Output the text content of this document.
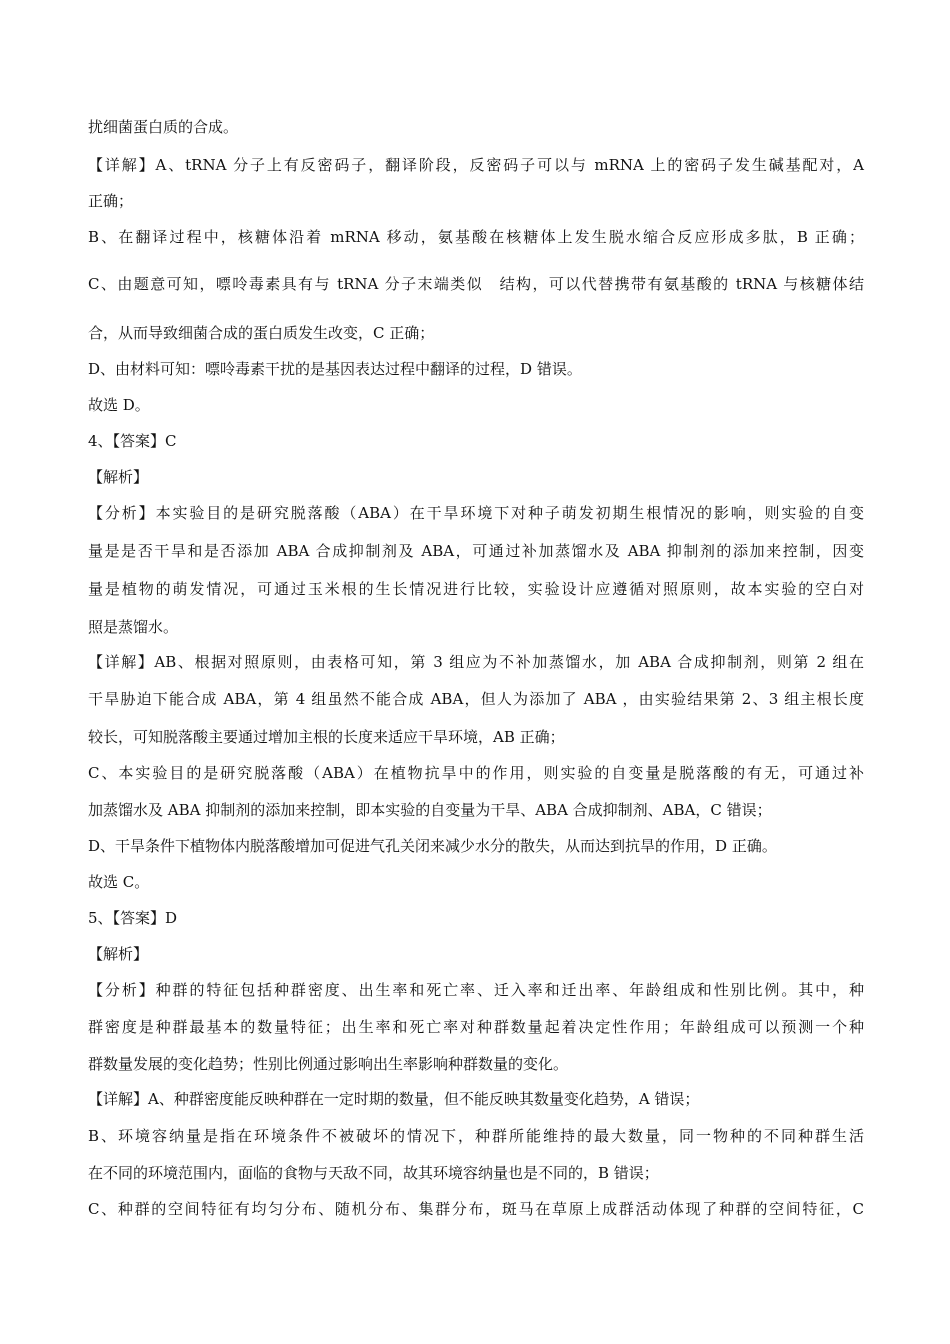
扰细菌蛋白质的合成。
【详解】A、tRNA 分子上有反密码子，翻译阶段，反密码子可以与 mRNA 上的密码子发生碱基配对，A
正确；
B、在翻译过程中，核糖体沿着 mRNA 移动，氨基酸在核糖体上发生脱水缩合反应形成多肽，B 正确；
C、由题意可知，嘌呤毒素具有与 tRNA 分子末端类似　结构，可以代替携带有氨基酸的 tRNA 与核糖体结
合，从而导致细菌合成的蛋白质发生改变，C 正确；
D、由材料可知：嘌呤毒素干扰的是基因表达过程中翻译的过程，D 错误。
故选 D。
4、【答案】C
【解析】
【分析】本实验目的是研究脱落酸（ABA）在干旱环境下对种子萌发初期生根情况的影响，则实验的自变
量是是否干旱和是否添加 ABA 合成抑制剂及 ABA，可通过补加蒸馏水及 ABA 抑制剂的添加来控制，因变
量是植物的萌发情况，可通过玉米根的生长情况进行比较，实验设计应遵循对照原则，故本实验的空白对
照是蒸馏水。
【详解】AB、根据对照原则，由表格可知，第 3 组应为不补加蒸馏水，加 ABA 合成抑制剂，则第 2 组在
干旱胁迫下能合成 ABA，第 4 组虽然不能合成 ABA，但人为添加了 ABA ，由实验结果第 2、3 组主根长度
较长，可知脱落酸主要通过增加主根的长度来适应干旱环境，AB 正确；
C、本实验目的是研究脱落酸（ABA）在植物抗旱中的作用，则实验的自变量是脱落酸的有无，可通过补
加蒸馏水及 ABA 抑制剂的添加来控制，即本实验的自变量为干旱、ABA 合成抑制剂、ABA，C 错误；
D、干旱条件下植物体内脱落酸增加可促进气孔关闭来减少水分的散失，从而达到抗旱的作用，D 正确。
故选 C。
5、【答案】D
【解析】
【分析】种群的特征包括种群密度、出生率和死亡率、迁入率和迁出率、年龄组成和性别比例。其中，种
群密度是种群最基本的数量特征；出生率和死亡率对种群数量起着决定性作用；年龄组成可以预测一个种
群数量发展的变化趋势；性别比例通过影响出生率影响种群数量的变化。
【详解】A、种群密度能反映种群在一定时期的数量，但不能反映其数量变化趋势，A 错误；
B、环境容纳量是指在环境条件不被破坏的情况下，种群所能维持的最大数量，同一物种的不同种群生活
在不同的环境范围内，面临的食物与天敌不同，故其环境容纳量也是不同的，B 错误；
C、种群的空间特征有均匀分布、随机分布、集群分布，斑马在草原上成群活动体现了种群的空间特征，C
